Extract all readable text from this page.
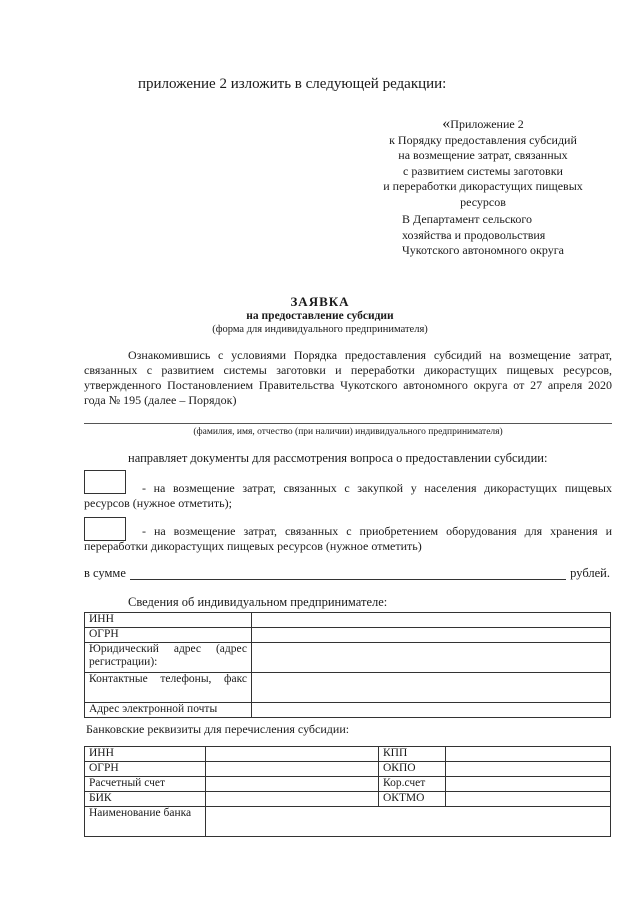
приложение 2 изложить в следующей редакции:
«Приложение 2
к Порядку предоставления субсидий
на возмещение затрат, связанных
с развитием системы заготовки
и переработки дикорастущих пищевых
ресурсов
В Департамент сельского
хозяйства и продовольствия
Чукотского автономного округа
ЗАЯВКА
на предоставление субсидии
(форма для индивидуального предпринимателя)
Ознакомившись с условиями Порядка предоставления субсидий на возмещение затрат, связанных с развитием системы заготовки и переработки дикорастущих пищевых ресурсов, утвержденного Постановлением Правительства Чукотского автономного округа от 27 апреля 2020 года № 195 (далее – Порядок)
(фамилия, имя, отчество (при наличии) индивидуального предпринимателя)
направляет документы для рассмотрения вопроса о предоставлении субсидии:
- на возмещение затрат, связанных с закупкой у населения дикорастущих пищевых ресурсов (нужное отметить);
- на возмещение затрат, связанных с приобретением оборудования для хранения и переработки дикорастущих пищевых ресурсов (нужное отметить)
в сумме	рублей.
Сведения об индивидуальном предпринимателе:
ИНН	
ОГРН	
Юридический адрес (адрес регистрации):	
Контактные телефоны, факс	
Адрес электронной почты	
Банковские реквизиты для перечисления субсидии:
ИНН		КПП	
ОГРН		ОКПО	
Расчетный счет		Кор.счет	
БИК		ОКТМО	
Наименование банка			
